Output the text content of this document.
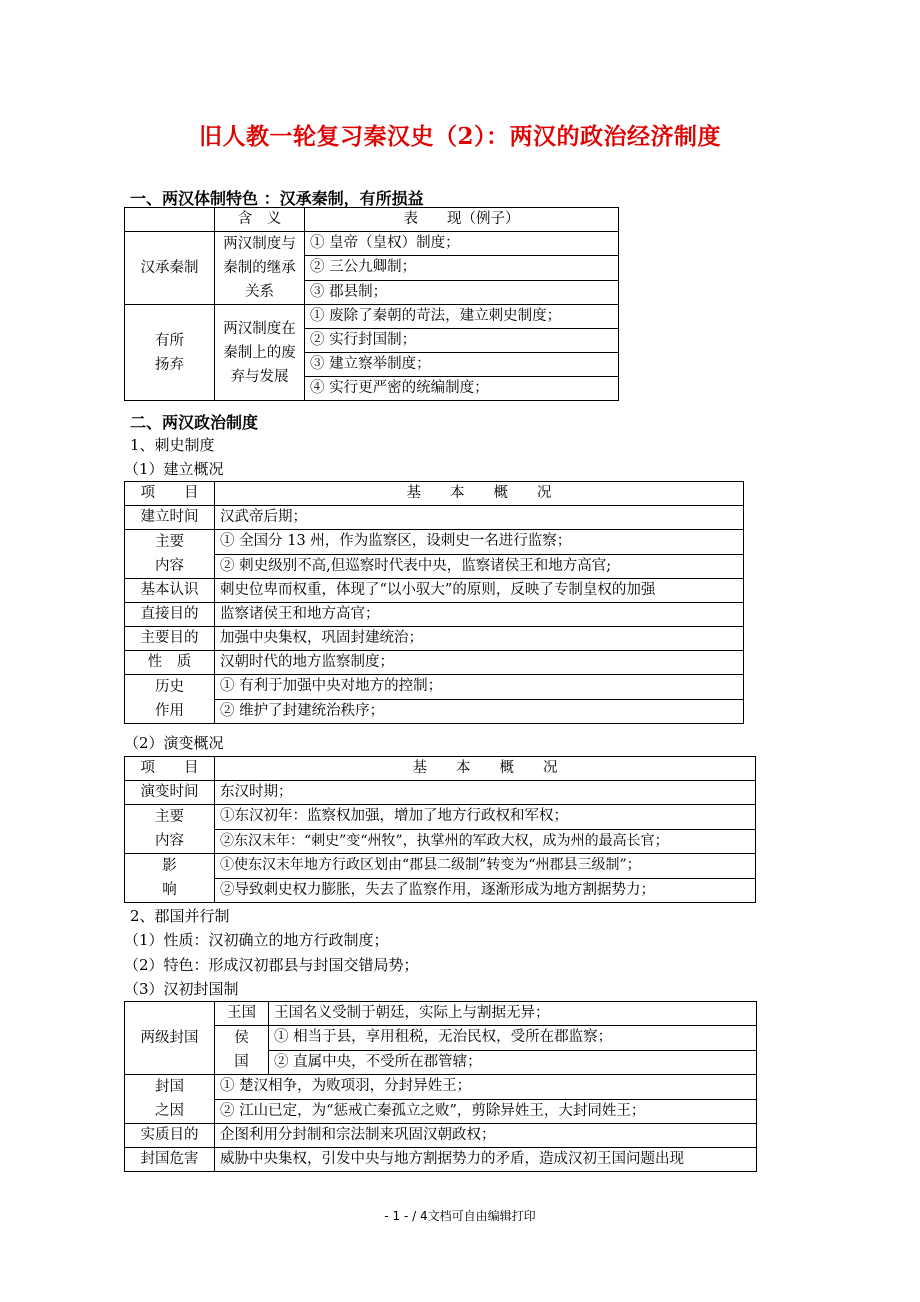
旧人教一轮复习秦汉史（2）：两汉的政治经济制度

一、两汉体制特色 ：汉承秦制，有所损益

	含　义	表　　现（例子）
汉承秦制	两汉制度与秦制的继承关系	① 皇帝（皇权）制度；
		② 三公九卿制；
		③ 郡县制；
有所扬弃	两汉制度在秦制上的废弃与发展	① 废除了秦朝的苛法，建立刺史制度；
		② 实行封国制；
		③ 建立察举制度；
		④ 实行更严密的统编制度；

二、两汉政治制度

1、刺史制度

（1）建立概况

项　　目	基　　本　　概　　况
建立时间	汉武帝后期；
主要内容	① 全国分 13 州，作为监察区，设刺史一名进行监察；
	② 刺史级别不高,但巡察时代表中央，监察诸侯王和地方高官;
基本认识	刺史位卑而权重，体现了“以小驭大”的原则，反映了专制皇权的加强
直接目的	监察诸侯王和地方高官；
主要目的	加强中央集权，巩固封建统治；
性　质	汉朝时代的地方监察制度；
历史作用	① 有利于加强中央对地方的控制；
	② 维护了封建统治秩序；

（2）演变概况

项　　目	基　　本　　概　　况
演变时间	东汉时期；
主要内容	①东汉初年：监察权加强，增加了地方行政权和军权；
	②东汉末年：“刺史”变“州牧”，执掌州的军政大权，成为州的最高长官；
影响	①使东汉末年地方行政区划由“郡县二级制”转变为“州郡县三级制”；
	②导致刺史权力膨胀，失去了监察作用，逐渐形成为地方割据势力；

2、郡国并行制

（1）性质：汉初确立的地方行政制度；

（2）特色：形成汉初郡县与封国交错局势；

（3）汉初封国制

两级封国	王国	王国名义受制于朝廷，实际上与割据无异；
	侯国	① 相当于县，享用租税，无治民权，受所在郡监察；
		② 直属中央，不受所在郡管辖；
封国之因	① 楚汉相争，为败项羽，分封异姓王；	
	② 江山已定，为“惩戒亡秦孤立之败”，剪除异姓王，大封同姓王；	
实质目的	企图利用分封制和宗法制来巩固汉朝政权；	
封国危害	威胁中央集权，引发中央与地方割据势力的矛盾，造成汉初王国问题出现	
- 1 - / 4文档可自由编辑打印
